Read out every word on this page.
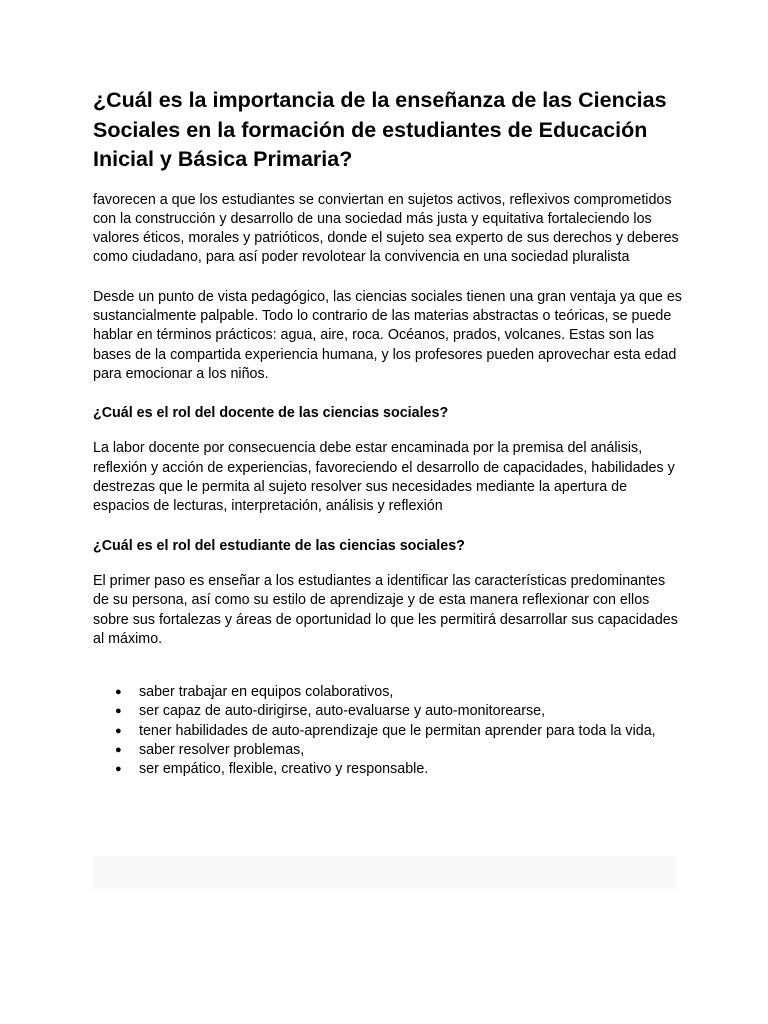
¿Cuál es la importancia de la enseñanza de las Ciencias Sociales en la formación de estudiantes de Educación Inicial y Básica Primaria?

favorecen a que los estudiantes se conviertan en sujetos activos, reflexivos comprometidos con la construcción y desarrollo de una sociedad más justa y equitativa fortaleciendo los valores éticos, morales y patrióticos, donde el sujeto sea experto de sus derechos y deberes como ciudadano, para así poder revolotear la convivencia en una sociedad pluralista

Desde un punto de vista pedagógico, las ciencias sociales tienen una gran ventaja ya que es sustancialmente palpable. Todo lo contrario de las materias abstractas o teóricas, se puede hablar en términos prácticos: agua, aire, roca. Océanos, prados, volcanes. Estas son las bases de la compartida experiencia humana, y los profesores pueden aprovechar esta edad para emocionar a los niños.

¿Cuál es el rol del docente de las ciencias sociales?

La labor docente por consecuencia debe estar encaminada por la premisa del análisis, reflexión y acción de experiencias, favoreciendo el desarrollo de capacidades, habilidades y destrezas que le permita al sujeto resolver sus necesidades mediante la apertura de espacios de lecturas, interpretación, análisis y reflexión

¿Cuál es el rol del estudiante de las ciencias sociales?

El primer paso es enseñar a los estudiantes a identificar las características predominantes de su persona, así como su estilo de aprendizaje y de esta manera reflexionar con ellos sobre sus fortalezas y áreas de oportunidad lo que les permitirá desarrollar sus capacidades al máximo.

●	saber trabajar en equipos colaborativos,
●	ser capaz de auto-dirigirse, auto-evaluarse y auto-monitorearse,
●	tener habilidades de auto-aprendizaje que le permitan aprender para toda la vida,
●	saber resolver problemas,
●	ser empático, flexible, creativo y responsable.
